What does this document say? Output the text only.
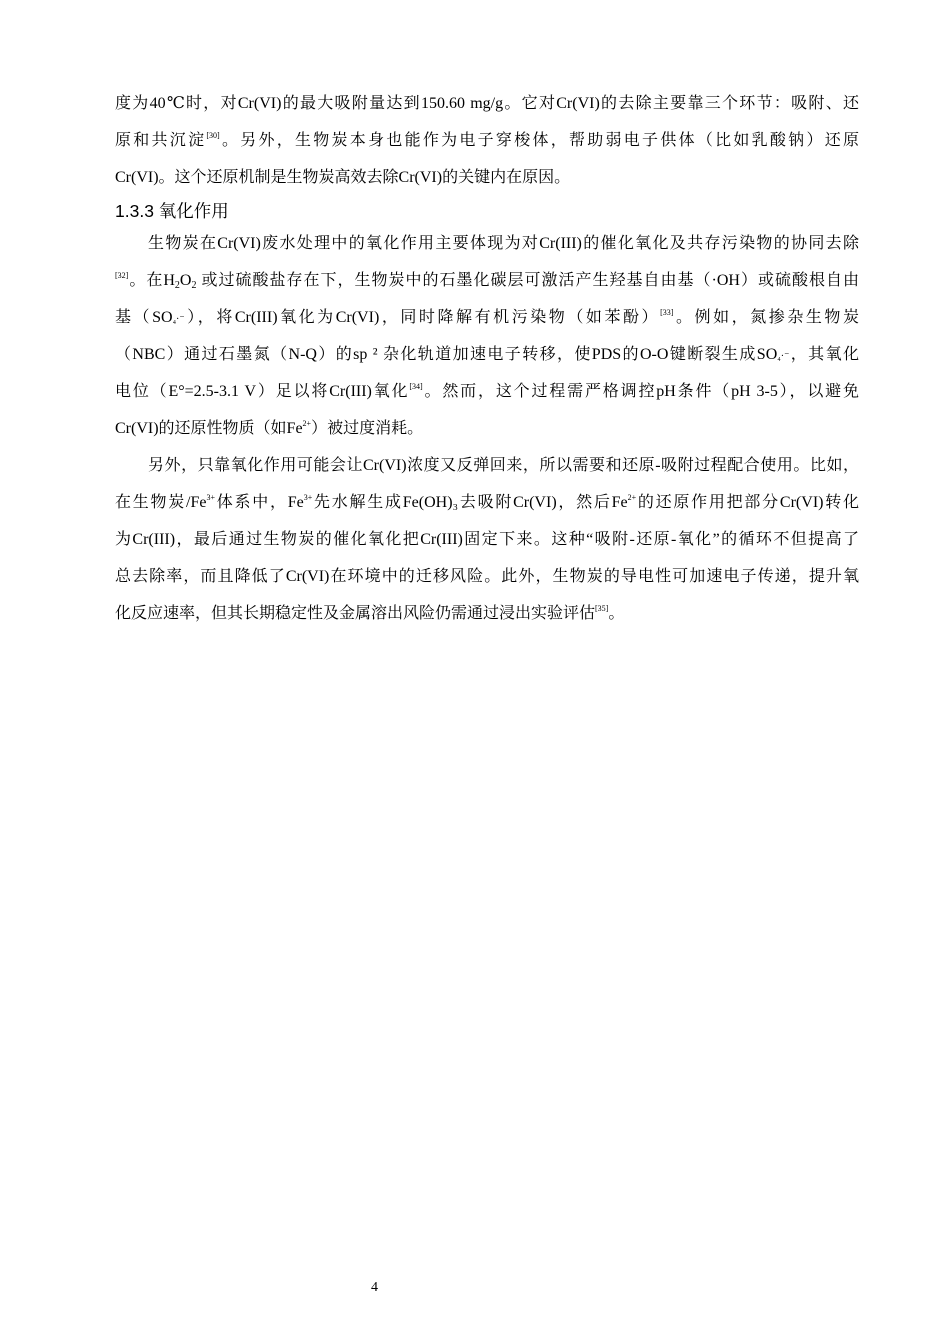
度为40℃时，对Cr(VI)的最大吸附量达到150.60 mg/g。它对Cr(VI)的去除主要靠三个环节：吸附、还
原和共沉淀[30]。另外，生物炭本身也能作为电子穿梭体，帮助弱电子供体（比如乳酸钠）还原
Cr(VI)。这个还原机制是生物炭高效去除Cr(VI)的关键内在原因。
1.3.3 氧化作用
生物炭在Cr(VI)废水处理中的氧化作用主要体现为对Cr(III)的催化氧化及共存污染物的协同去除
[32]。在$H_2O_2$ 或过硫酸盐存在下，生物炭中的石墨化碳层可激活产生羟基自由基（·OH）或硫酸根自由
基（SO₄·⁻），将Cr(III)氧化为Cr(VI)，同时降解有机污染物（如苯酚）[33]。例如，氮掺杂生物炭
（NBC）通过石墨氮（N-Q）的sp ² 杂化轨道加速电子转移，使PDS的O-O键断裂生成SO₄·⁻，其氧化
电位（E°=2.5-3.1 V）足以将Cr(III)氧化[34]。然而，这个过程需严格调控pH条件（pH 3-5），以避免
Cr(VI)的还原性物质（如$Fe^{2+}$）被过度消耗。
另外，只靠氧化作用可能会让Cr(VI)浓度又反弹回来，所以需要和还原-吸附过程配合使用。比如，
在生物炭$/Fe^{3+}$体系中，$Fe^{3+}$先水解生成Fe(OH)₃去吸附Cr(VI)，然后$Fe^{2+}$的还原作用把部分Cr(VI)转化
为Cr(III)，最后通过生物炭的催化氧化把Cr(III)固定下来。这种“吸附-还原-氧化”的循环不但提高了
总去除率，而且降低了Cr(VI)在环境中的迁移风险。此外，生物炭的导电性可加速电子传递，提升氧
化反应速率，但其长期稳定性及金属溶出风险仍需通过浸出实验评估[35]。
4
